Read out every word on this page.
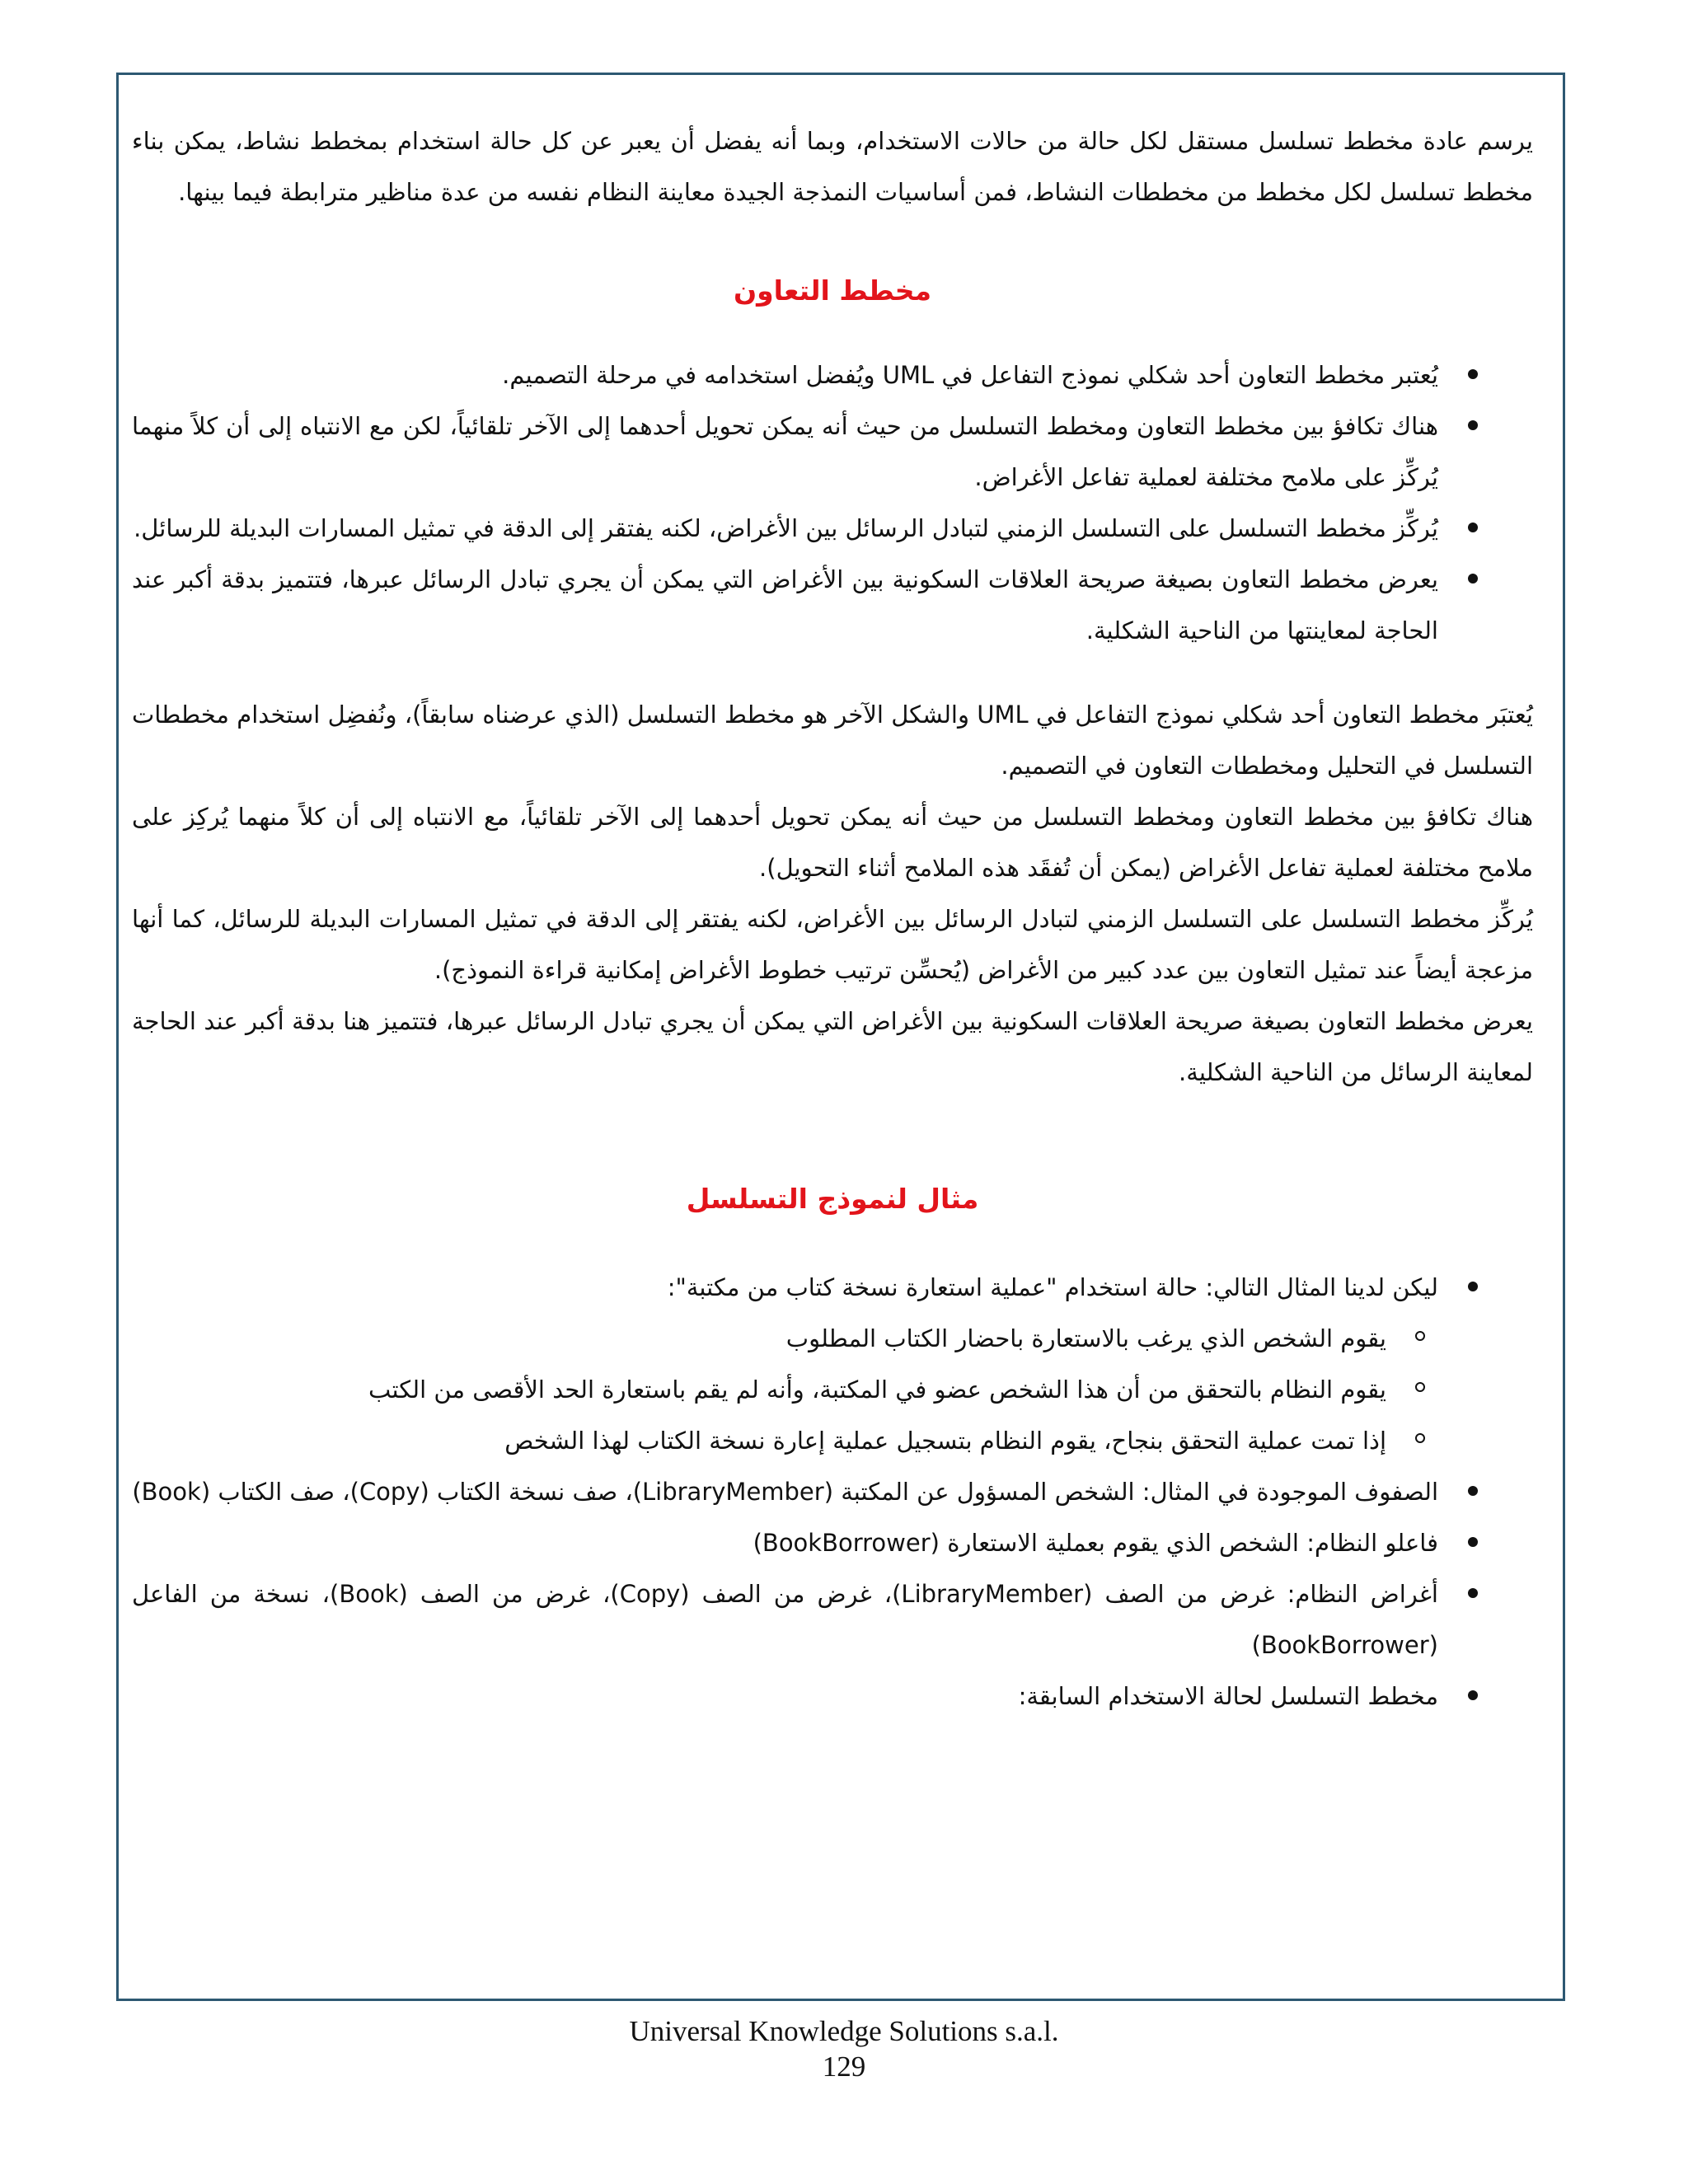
يرسم عادة مخطط تسلسل مستقل لكل حالة من حالات الاستخدام، وبما أنه يفضل أن يعبر عن كل حالة استخدام بمخطط نشاط، يمكن بناء مخطط تسلسل لكل مخطط من مخططات النشاط، فمن أساسيات النمذجة الجيدة معاينة النظام نفسه من عدة مناظير مترابطة فيما بينها.

مخطط التعاون
يُعتبر مخطط التعاون أحد شكلي نموذج التفاعل في UML ويُفضل استخدامه في مرحلة التصميم.
هناك تكافؤ بين مخطط التعاون ومخطط التسلسل من حيث أنه يمكن تحويل أحدهما إلى الآخر تلقائياً، لكن مع الانتباه إلى أن كلاً منهما يُركِّز على ملامح مختلفة لعملية تفاعل الأغراض.
يُركِّز مخطط التسلسل على التسلسل الزمني لتبادل الرسائل بين الأغراض، لكنه يفتقر إلى الدقة في تمثيل المسارات البديلة للرسائل.
يعرض مخطط التعاون بصيغة صريحة العلاقات السكونية بين الأغراض التي يمكن أن يجري تبادل الرسائل عبرها، فتتميز بدقة أكبر عند الحاجة لمعاينتها من الناحية الشكلية.

يُعتبَر مخطط التعاون أحد شكلي نموذج التفاعل في UML والشكل الآخر هو مخطط التسلسل (الذي عرضناه سابقاً)، ونُفضِل استخدام مخططات التسلسل في التحليل ومخططات التعاون في التصميم.

هناك تكافؤ بين مخطط التعاون ومخطط التسلسل من حيث أنه يمكن تحويل أحدهما إلى الآخر تلقائياً، مع الانتباه إلى أن كلاً منهما يُركِز على ملامح مختلفة لعملية تفاعل الأغراض (يمكن أن تُفقَد هذه الملامح أثناء التحويل).

يُركِّز مخطط التسلسل على التسلسل الزمني لتبادل الرسائل بين الأغراض، لكنه يفتقر إلى الدقة في تمثيل المسارات البديلة للرسائل، كما أنها مزعجة أيضاً عند تمثيل التعاون بين عدد كبير من الأغراض (يُحسِّن ترتيب خطوط الأغراض إمكانية قراءة النموذج).

يعرض مخطط التعاون بصيغة صريحة العلاقات السكونية بين الأغراض التي يمكن أن يجري تبادل الرسائل عبرها، فتتميز هنا بدقة أكبر عند الحاجة لمعاينة الرسائل من الناحية الشكلية.

مثال لنموذج التسلسل
ليكن لدينا المثال التالي: حالة استخدام "عملية استعارة نسخة كتاب من مكتبة":
يقوم الشخص الذي يرغب بالاستعارة باحضار الكتاب المطلوب
يقوم النظام بالتحقق من أن هذا الشخص عضو في المكتبة، وأنه لم يقم باستعارة الحد الأقصى من الكتب
إذا تمت عملية التحقق بنجاح، يقوم النظام بتسجيل عملية إعارة نسخة الكتاب لهذا الشخص
الصفوف الموجودة في المثال: الشخص المسؤول عن المكتبة (LibraryMember)، صف نسخة الكتاب (Copy)، صف الكتاب (Book)
فاعلو النظام: الشخص الذي يقوم بعملية الاستعارة (BookBorrower)
أغراض النظام: غرض من الصف (LibraryMember)، غرض من الصف (Copy)، غرض من الصف (Book)، نسخة من الفاعل (BookBorrower)
مخطط التسلسل لحالة الاستخدام السابقة:
Universal Knowledge Solutions s.a.l.
129
